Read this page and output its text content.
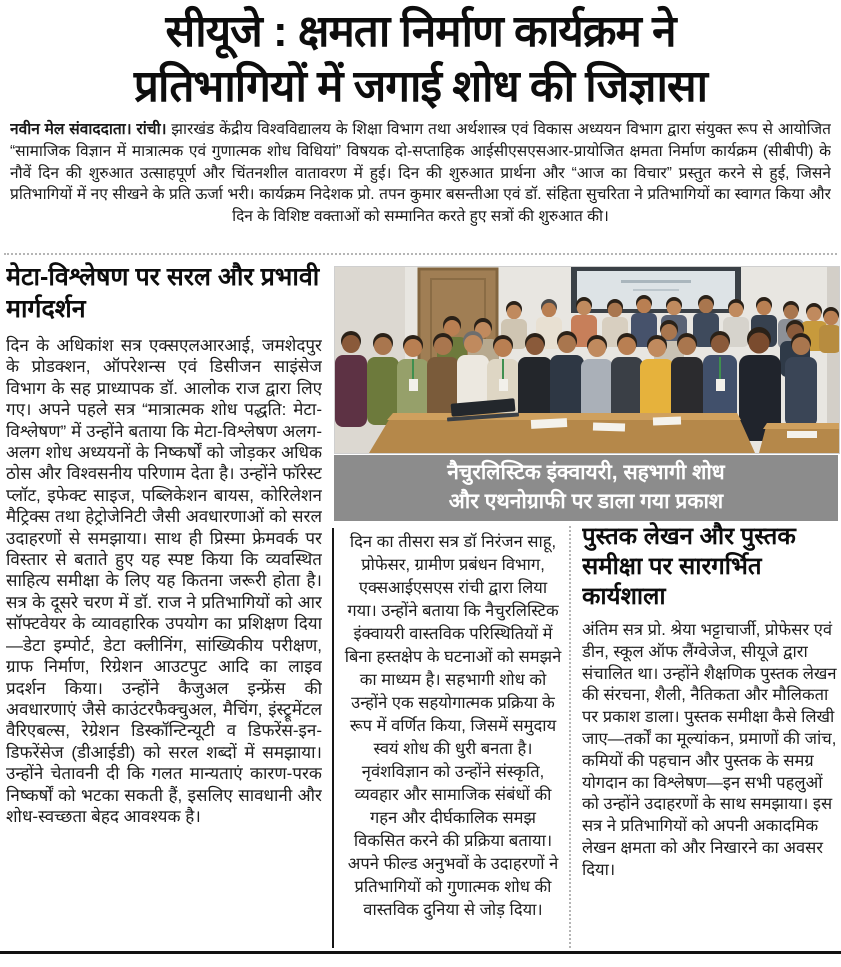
सीयूजे : क्षमता निर्माण कार्यक्रम ने
प्रतिभागियों में जगाई शोध की जिज्ञासा
नवीन मेल संवाददाता। रांची। झारखंड केंद्रीय विश्वविद्यालय के शिक्षा विभाग तथा अर्थशास्त्र एवं विकास अध्ययन विभाग द्वारा संयुक्त रूप से आयोजित “सामाजिक विज्ञान में मात्रात्मक एवं गुणात्मक शोध विधियां” विषयक दो-सप्ताहिक आईसीएसएसआर-प्रायोजित क्षमता निर्माण कार्यक्रम (सीबीपी) के नौवें दिन की शुरुआत उत्साहपूर्ण और चिंतनशील वातावरण में हुई। दिन की शुरुआत प्रार्थना और “आज का विचार” प्रस्तुत करने से हुई, जिसने प्रतिभागियों में नए सीखने के प्रति ऊर्जा भरी। कार्यक्रम निदेशक प्रो. तपन कुमार बसन्तीआ एवं डॉ. संहिता सुचरिता ने प्रतिभागियों का स्वागत किया और दिन के विशिष्ट वक्ताओं को सम्मानित करते हुए सत्रों की शुरुआत की।
मेटा-विश्लेषण पर सरल और प्रभावी मार्गदर्शन
दिन के अधिकांश सत्र एक्सएलआरआई, जमशेदपुर के प्रोडक्शन, ऑपरेशन्स एवं डिसीजन साइंसेज विभाग के सह प्राध्यापक डॉ. आलोक राज द्वारा लिए गए। अपने पहले सत्र “मात्रात्मक शोध पद्धति: मेटा-विश्लेषण” में उन्होंने बताया कि मेटा-विश्लेषण अलग-अलग शोध अध्ययनों के निष्कर्षों को जोड़कर अधिक ठोस और विश्वसनीय परिणाम देता है। उन्होंने फॉरेस्ट प्लॉट, इफेक्ट साइज, पब्लिकेशन बायस, कोरिलेशन मैट्रिक्स तथा हेट्रोजेनिटी जैसी अवधारणाओं को सरल उदाहरणों से समझाया। साथ ही प्रिस्मा फ्रेमवर्क पर विस्तार से बताते हुए यह स्पष्ट किया कि व्यवस्थित साहित्य समीक्षा के लिए यह कितना जरूरी होता है। सत्र के दूसरे चरण में डॉ. राज ने प्रतिभागियों को आर सॉफ्टवेयर के व्यावहारिक उपयोग का प्रशिक्षण दिया—डेटा इम्पोर्ट, डेटा क्लीनिंग, सांख्यिकीय परीक्षण, ग्राफ निर्माण, रिग्रेशन आउटपुट आदि का लाइव प्रदर्शन किया। उन्होंने कैजुअल इन्फ्रेंस की अवधारणाएं जैसे काउंटरफैक्चुअल, मैचिंग, इंस्ट्रूमेंटल वैरिएबल्स, रेग्रेशन डिस्कॉन्टिन्यूटी व डिफरेंस-इन-डिफरेंसेज (डीआईडी) को सरल शब्दों में समझाया। उन्होंने चेतावनी दी कि गलत मान्यताएं कारण-परक निष्कर्षों को भटका सकती हैं, इसलिए सावधानी और शोध-स्वच्छता बेहद आवश्यक है।
नैचुरलिस्टिक इंक्वायरी, सहभागी शोध
और एथनोग्राफी पर डाला गया प्रकाश
दिन का तीसरा सत्र डॉ निरंजन साहू, प्रोफेसर, ग्रामीण प्रबंधन विभाग, एक्सआईएसएस रांची द्वारा लिया गया। उन्होंने बताया कि नैचुरलिस्टिक इंक्वायरी वास्तविक परिस्थितियों में बिना हस्तक्षेप के घटनाओं को समझने का माध्यम है। सहभागी शोध को उन्होंने एक सहयोगात्मक प्रक्रिया के रूप में वर्णित किया, जिसमें समुदाय स्वयं शोध की धुरी बनता है। नृवंशविज्ञान को उन्होंने संस्कृति, व्यवहार और सामाजिक संबंधों की गहन और दीर्घकालिक समझ विकसित करने की प्रक्रिया बताया। अपने फील्ड अनुभवों के उदाहरणों ने प्रतिभागियों को गुणात्मक शोध की वास्तविक दुनिया से जोड़ दिया।
पुस्तक लेखन और पुस्तक समीक्षा पर सारगर्भित कार्यशाला
अंतिम सत्र प्रो. श्रेया भट्टाचार्जी, प्रोफेसर एवं डीन, स्कूल ऑफ लैंग्वेजेज, सीयूजे द्वारा संचालित था। उन्होंने शैक्षणिक पुस्तक लेखन की संरचना, शैली, नैतिकता और मौलिकता पर प्रकाश डाला। पुस्तक समीक्षा कैसे लिखी जाए—तर्कों का मूल्यांकन, प्रमाणों की जांच, कमियों की पहचान और पुस्तक के समग्र योगदान का विश्लेषण—इन सभी पहलुओं को उन्होंने उदाहरणों के साथ समझाया। इस सत्र ने प्रतिभागियों को अपनी अकादमिक लेखन क्षमता को और निखारने का अवसर दिया।
